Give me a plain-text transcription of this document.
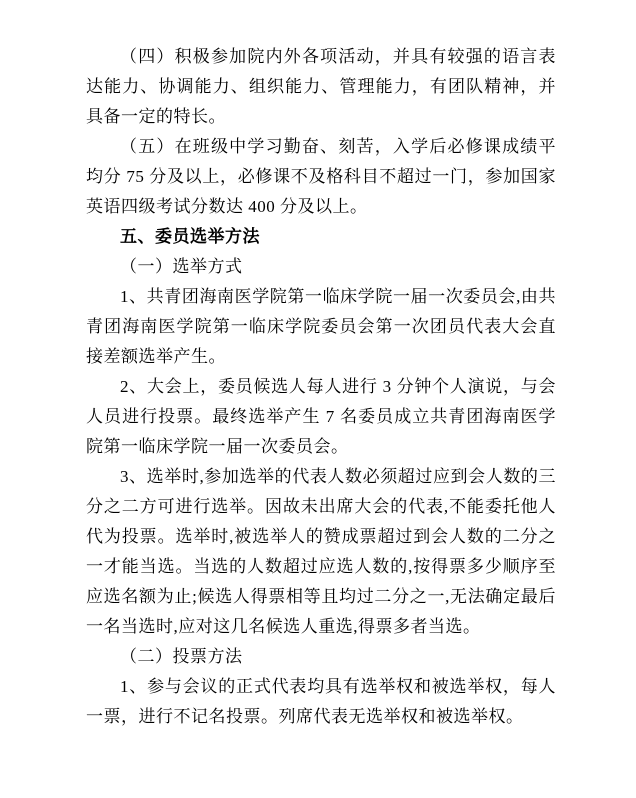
（四）积极参加院内外各项活动，并具有较强的语言表达能力、协调能力、组织能力、管理能力，有团队精神，并具备一定的特长。

（五）在班级中学习勤奋、刻苦，入学后必修课成绩平均分 75 分及以上，必修课不及格科目不超过一门，参加国家英语四级考试分数达 400 分及以上。

五、委员选举方法

（一）选举方式

1、共青团海南医学院第一临床学院一届一次委员会,由共青团海南医学院第一临床学院委员会第一次团员代表大会直接差额选举产生。

2、大会上，委员候选人每人进行 3 分钟个人演说，与会人员进行投票。最终选举产生 7 名委员成立共青团海南医学院第一临床学院一届一次委员会。

3、选举时,参加选举的代表人数必须超过应到会人数的三分之二方可进行选举。因故未出席大会的代表,不能委托他人代为投票。选举时,被选举人的赞成票超过到会人数的二分之一才能当选。当选的人数超过应选人数的,按得票多少顺序至应选名额为止;候选人得票相等且均过二分之一,无法确定最后一名当选时,应对这几名候选人重选,得票多者当选。

（二）投票方法

1、参与会议的正式代表均具有选举权和被选举权，每人一票，进行不记名投票。列席代表无选举权和被选举权。
